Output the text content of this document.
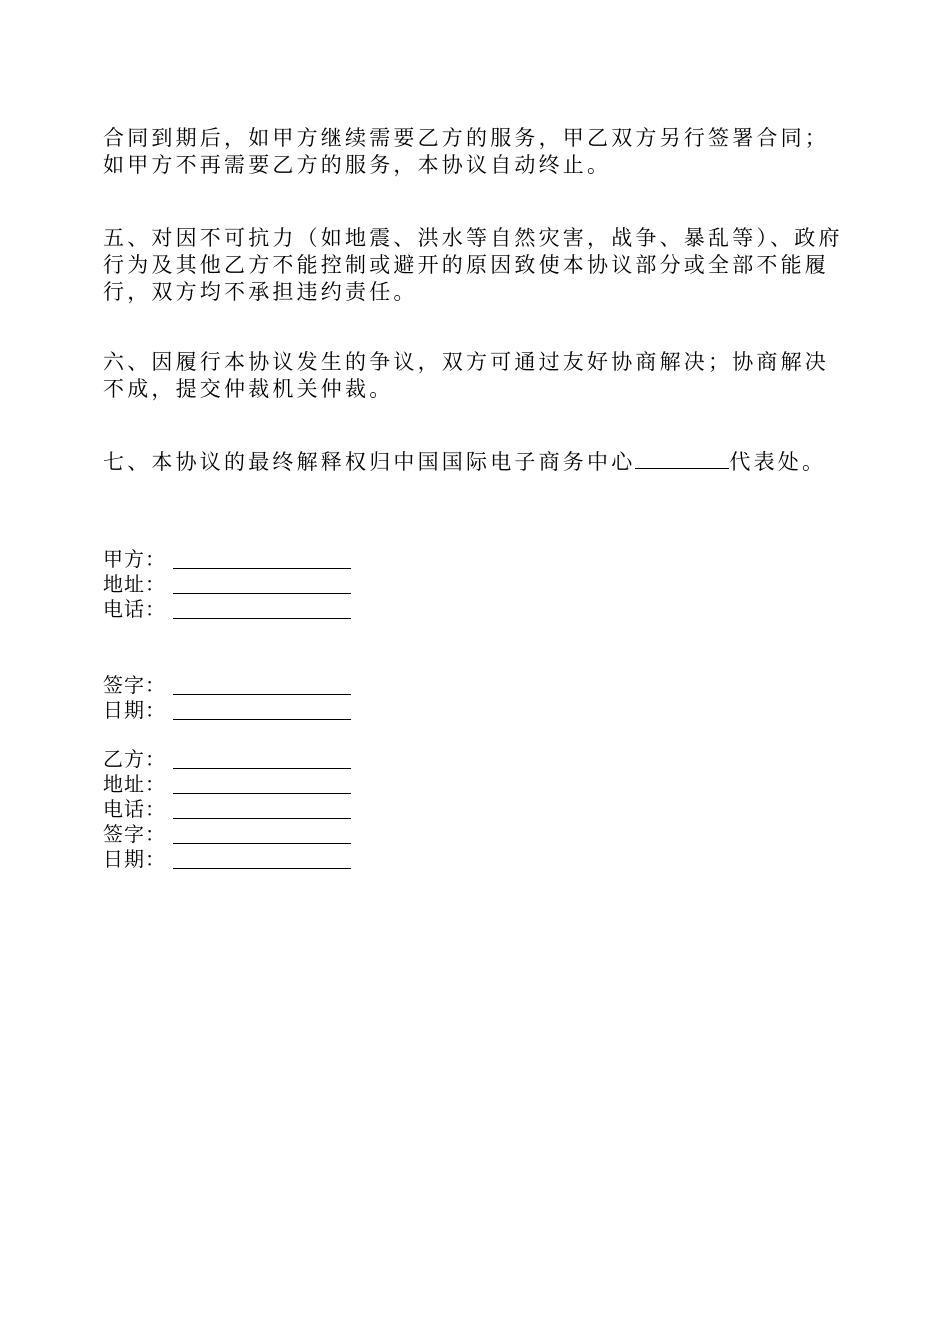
合同到期后，如甲方继续需要乙方的服务，甲乙双方另行签署合同；如甲方不再需要乙方的服务，本协议自动终止。

五、对因不可抗力（如地震、洪水等自然灾害，战争、暴乱等）、政府行为及其他乙方不能控制或避开的原因致使本协议部分或全部不能履行，双方均不承担违约责任。

六、因履行本协议发生的争议，双方可通过友好协商解决；协商解决不成，提交仲裁机关仲裁。

七、本协议的最终解释权归中国国际电子商务中心	代表处。

甲方：
地址：
电话：
签字：
日期：
乙方：
地址：
电话：
签字：
日期：
